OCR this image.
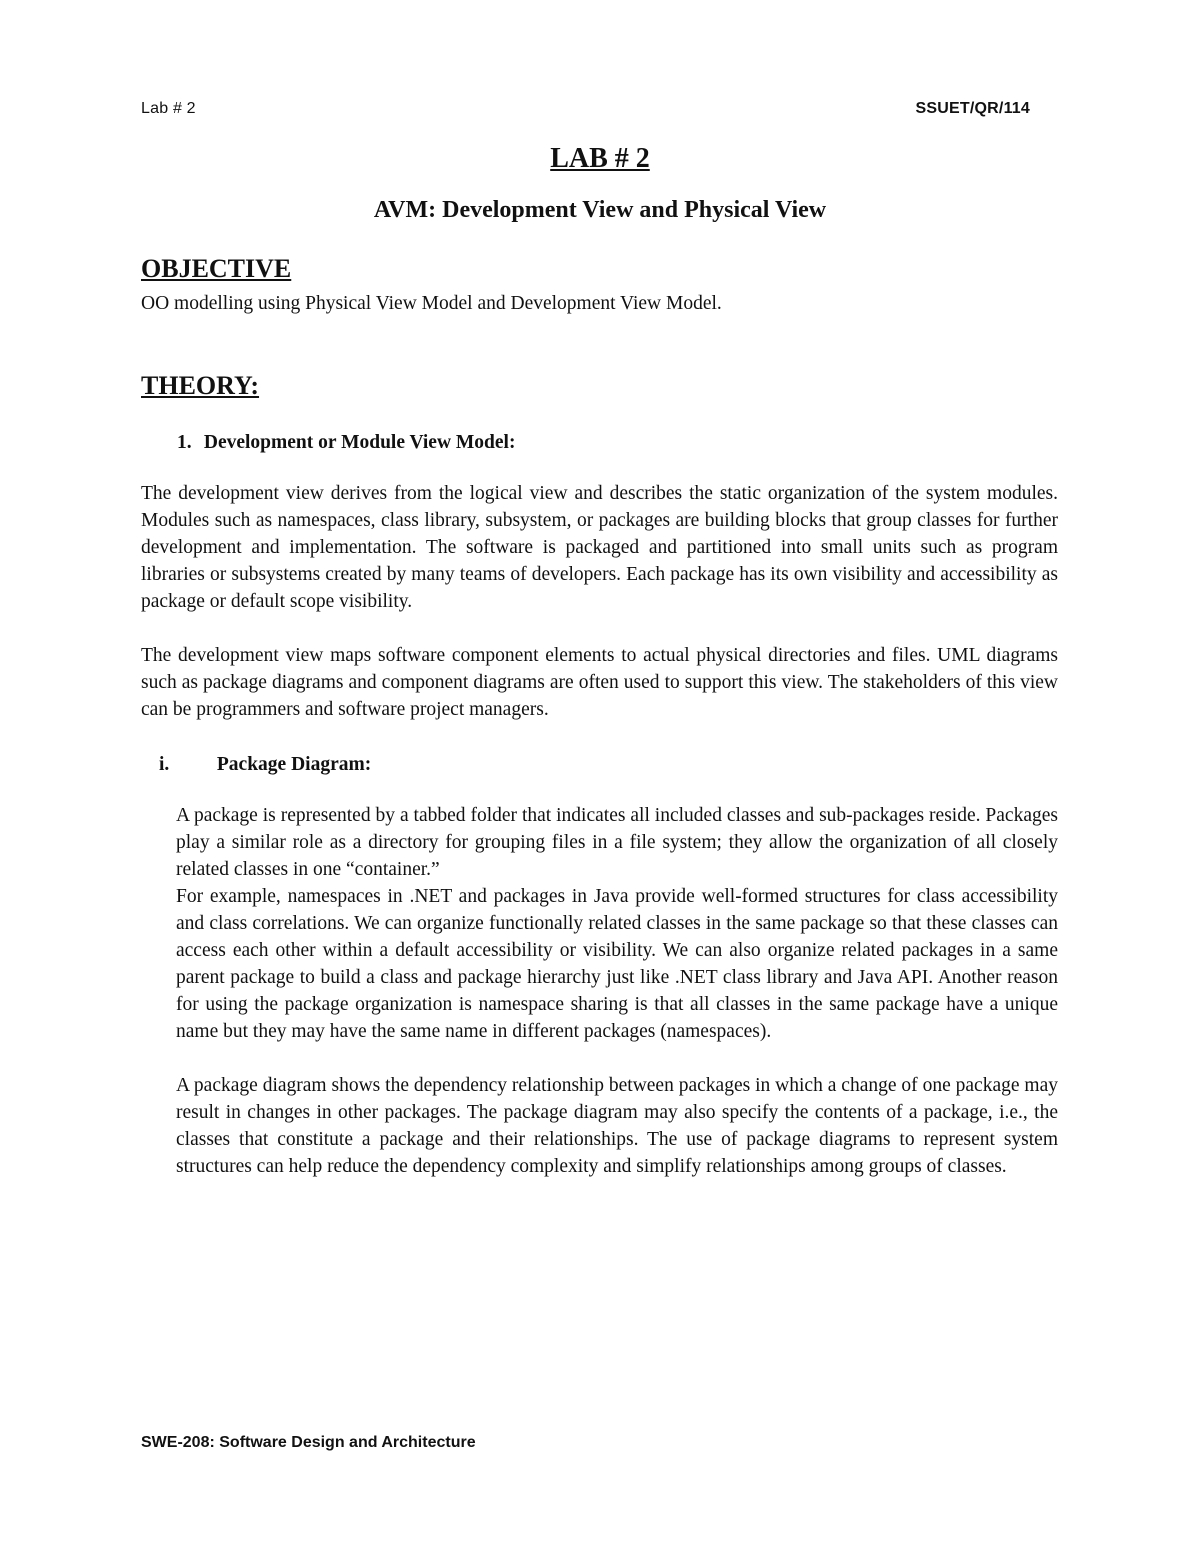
Lab # 2	SSUET/QR/114
LAB # 2
AVM: Development View and Physical View
OBJECTIVE

OO modelling using Physical View Model and Development View Model.

THEORY:
1. Development or Module View Model:

The development view derives from the logical view and describes the static organization of the system modules. Modules such as namespaces, class library, subsystem, or packages are building blocks that group classes for further development and implementation. The software is packaged and partitioned into small units such as program libraries or subsystems created by many teams of developers. Each package has its own visibility and accessibility as package or default scope visibility.

The development view maps software component elements to actual physical directories and files. UML diagrams such as package diagrams and component diagrams are often used to support this view. The stakeholders of this view can be programmers and software project managers.

i. Package Diagram:

A package is represented by a tabbed folder that indicates all included classes and sub-packages reside. Packages play a similar role as a directory for grouping files in a file system; they allow the organization of all closely related classes in one “container.”

For example, namespaces in .NET and packages in Java provide well-formed structures for class accessibility and class correlations. We can organize functionally related classes in the same package so that these classes can access each other within a default accessibility or visibility. We can also organize related packages in a same parent package to build a class and package hierarchy just like .NET class library and Java API. Another reason for using the package organization is namespace sharing is that all classes in the same package have a unique name but they may have the same name in different packages (namespaces).

A package diagram shows the dependency relationship between packages in which a change of one package may result in changes in other packages. The package diagram may also specify the contents of a package, i.e., the classes that constitute a package and their relationships. The use of package diagrams to represent system structures can help reduce the dependency complexity and simplify relationships among groups of classes.

SWE-208: Software Design and Architecture
